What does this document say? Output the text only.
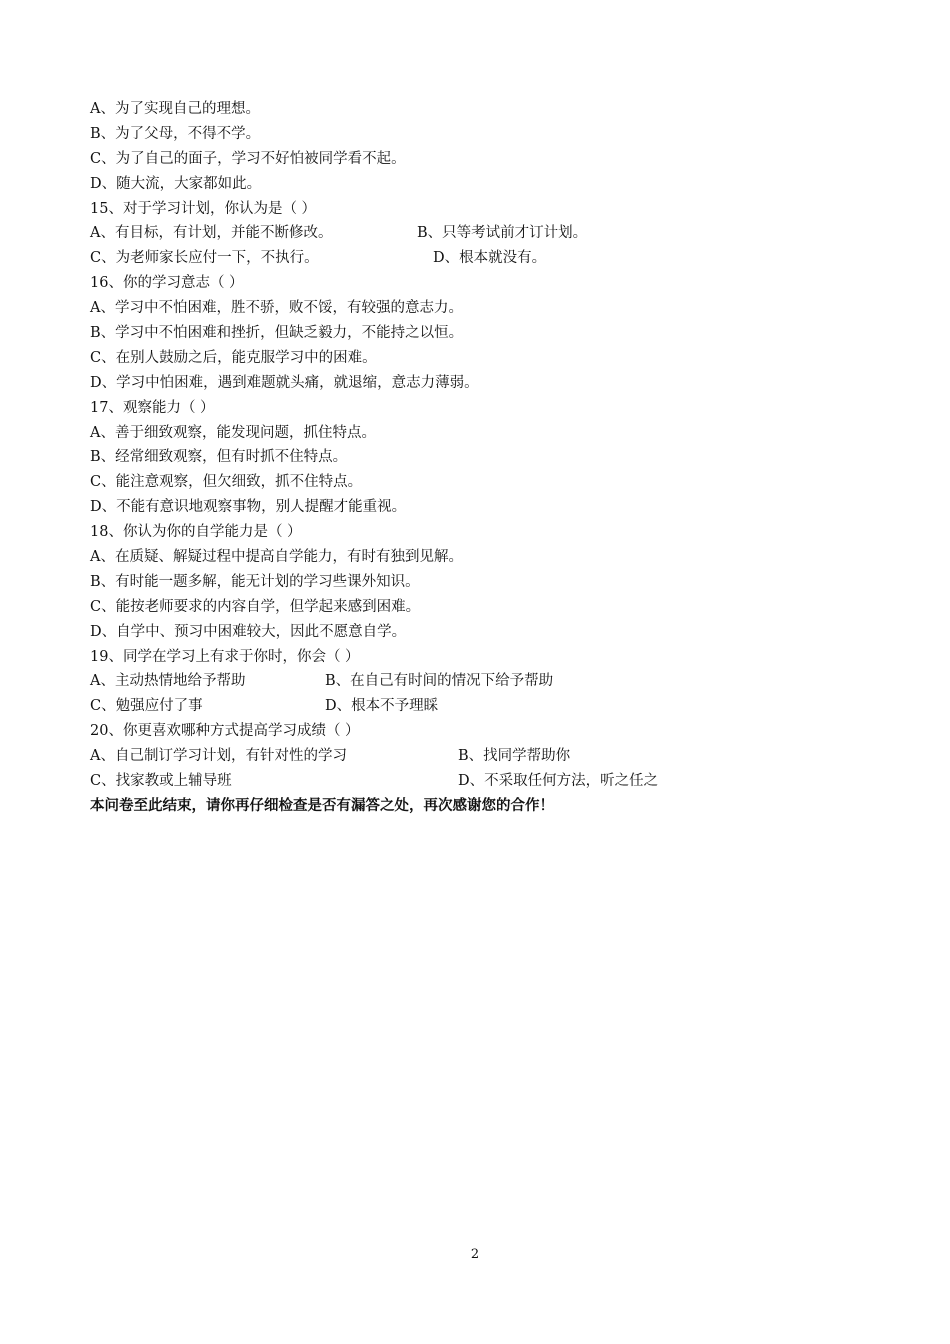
A、为了实现自己的理想。
B、为了父母，不得不学。
C、为了自己的面子，学习不好怕被同学看不起。
D、随大流，大家都如此。
15、对于学习计划，你认为是（ ）
A、有目标，有计划，并能不断修改。	B、只等考试前才订计划。
C、为老师家长应付一下，不执行。	D、根本就没有。
16、你的学习意志（ ）
A、学习中不怕困难，胜不骄，败不馁，有较强的意志力。
B、学习中不怕困难和挫折，但缺乏毅力，不能持之以恒。
C、在别人鼓励之后，能克服学习中的困难。
D、学习中怕困难，遇到难题就头痛，就退缩，意志力薄弱。
17、观察能力（ ）
A、善于细致观察，能发现问题，抓住特点。
B、经常细致观察，但有时抓不住特点。
C、能注意观察，但欠细致，抓不住特点。
D、不能有意识地观察事物，别人提醒才能重视。
18、你认为你的自学能力是（ ）
A、在质疑、解疑过程中提高自学能力，有时有独到见解。
B、有时能一题多解，能无计划的学习些课外知识。
C、能按老师要求的内容自学，但学起来感到困难。
D、自学中、预习中困难较大，因此不愿意自学。
19、同学在学习上有求于你时，你会（ ）
A、主动热情地给予帮助	B、在自己有时间的情况下给予帮助
C、勉强应付了事	D、根本不予理睬
20、你更喜欢哪种方式提高学习成绩（ ）
A、自己制订学习计划，有针对性的学习	B、找同学帮助你
C、找家教或上辅导班	D、不采取任何方法，听之任之
本问卷至此结束，请你再仔细检查是否有漏答之处，再次感谢您的合作！
2
